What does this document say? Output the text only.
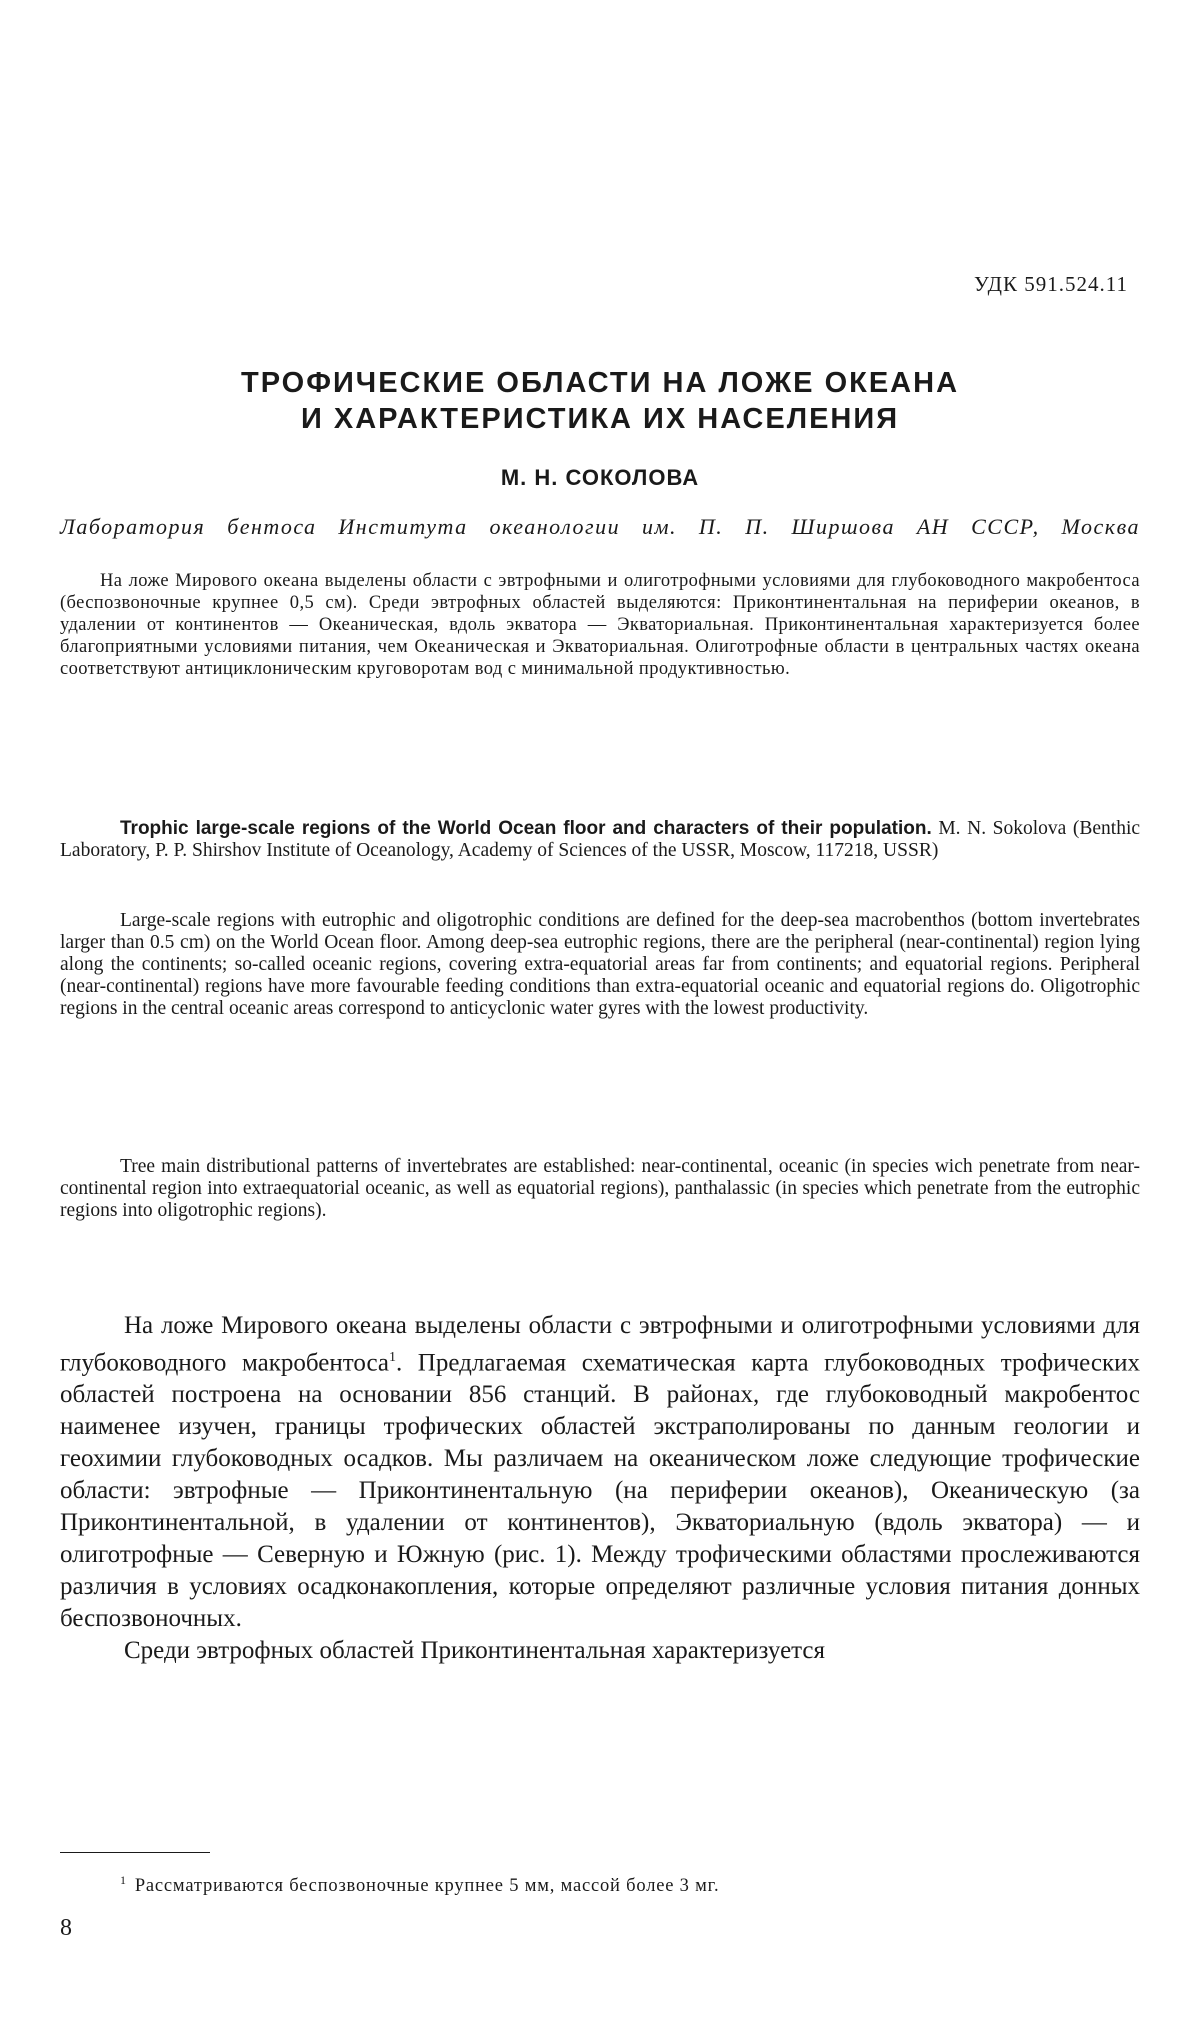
УДК 591.524.11
ТРОФИЧЕСКИЕ ОБЛАСТИ НА ЛОЖЕ ОКЕАНА
И ХАРАКТЕРИСТИКА ИХ НАСЕЛЕНИЯ
М. Н. СОКОЛОВА
Лаборатория бентоса Института океанологии им. П. П. Ширшова АН СССР, Москва

На ложе Мирового океана выделены области с эвтрофными и олиготрофными условиями для глубоководного макробентоса (беспозвоночные крупнее 0,5 см). Среди эвтрофных областей выделяются: Приконтинентальная на периферии океанов, в удалении от континентов — Океаническая, вдоль экватора — Экваториальная. Приконтинентальная характеризуется более благоприятными условиями питания, чем Океаническая и Экваториальная. Олиготрофные области в центральных частях океана соответствуют антициклоническим круговоротам вод с минимальной продуктивностью.

Trophic large-scale regions of the World Ocean floor and characters of their population. M. N. Sokolova (Benthic Laboratory, P. P. Shirshov Institute of Oceanology, Academy of Sciences of the USSR, Moscow, 117218, USSR)

Large-scale regions with eutrophic and oligotrophic conditions are defined for the deep-sea macrobenthos (bottom invertebrates larger than 0.5 cm) on the World Ocean floor. Among deep-sea eutrophic regions, there are the peripheral (near-continental) region lying along the continents; so-called oceanic regions, covering extra-equatorial areas far from continents; and equatorial regions. Peripheral (near-continental) regions have more favourable feeding conditions than extra-equatorial oceanic and equatorial regions do. Oligotrophic regions in the central oceanic areas correspond to anticyclonic water gyres with the lowest productivity.

Tree main distributional patterns of invertebrates are established: near-continental, oceanic (in species wich penetrate from near-continental region into extraequatorial oceanic, as well as equatorial regions), panthalassic (in species which penetrate from the eutrophic regions into oligotrophic regions).

На ложе Мирового океана выделены области с эвтрофными и олиготрофными условиями для глубоководного макробентоса$^1$. Предлагаемая схематическая карта глубоководных трофических областей построена на основании 856 станций. В районах, где глубоководный макробентос наименее изучен, границы трофических областей экстраполированы по данным геологии и геохимии глубоководных осадков. Мы различаем на океаническом ложе следующие трофические области: эвтрофные — Приконтинентальную (на периферии океанов), Океаническую (за Приконтинентальной, в удалении от континентов), Экваториальную (вдоль экватора) — и олиготрофные — Северную и Южную (рис. 1). Между трофическими областями прослеживаются различия в условиях осадконакопления, которые определяют различные условия питания донных беспозвоночных.

Среди эвтрофных областей Приконтинентальная характеризуется

$^1$ Рассматриваются беспозвоночные крупнее 5 мм, массой более 3 мг.
8
